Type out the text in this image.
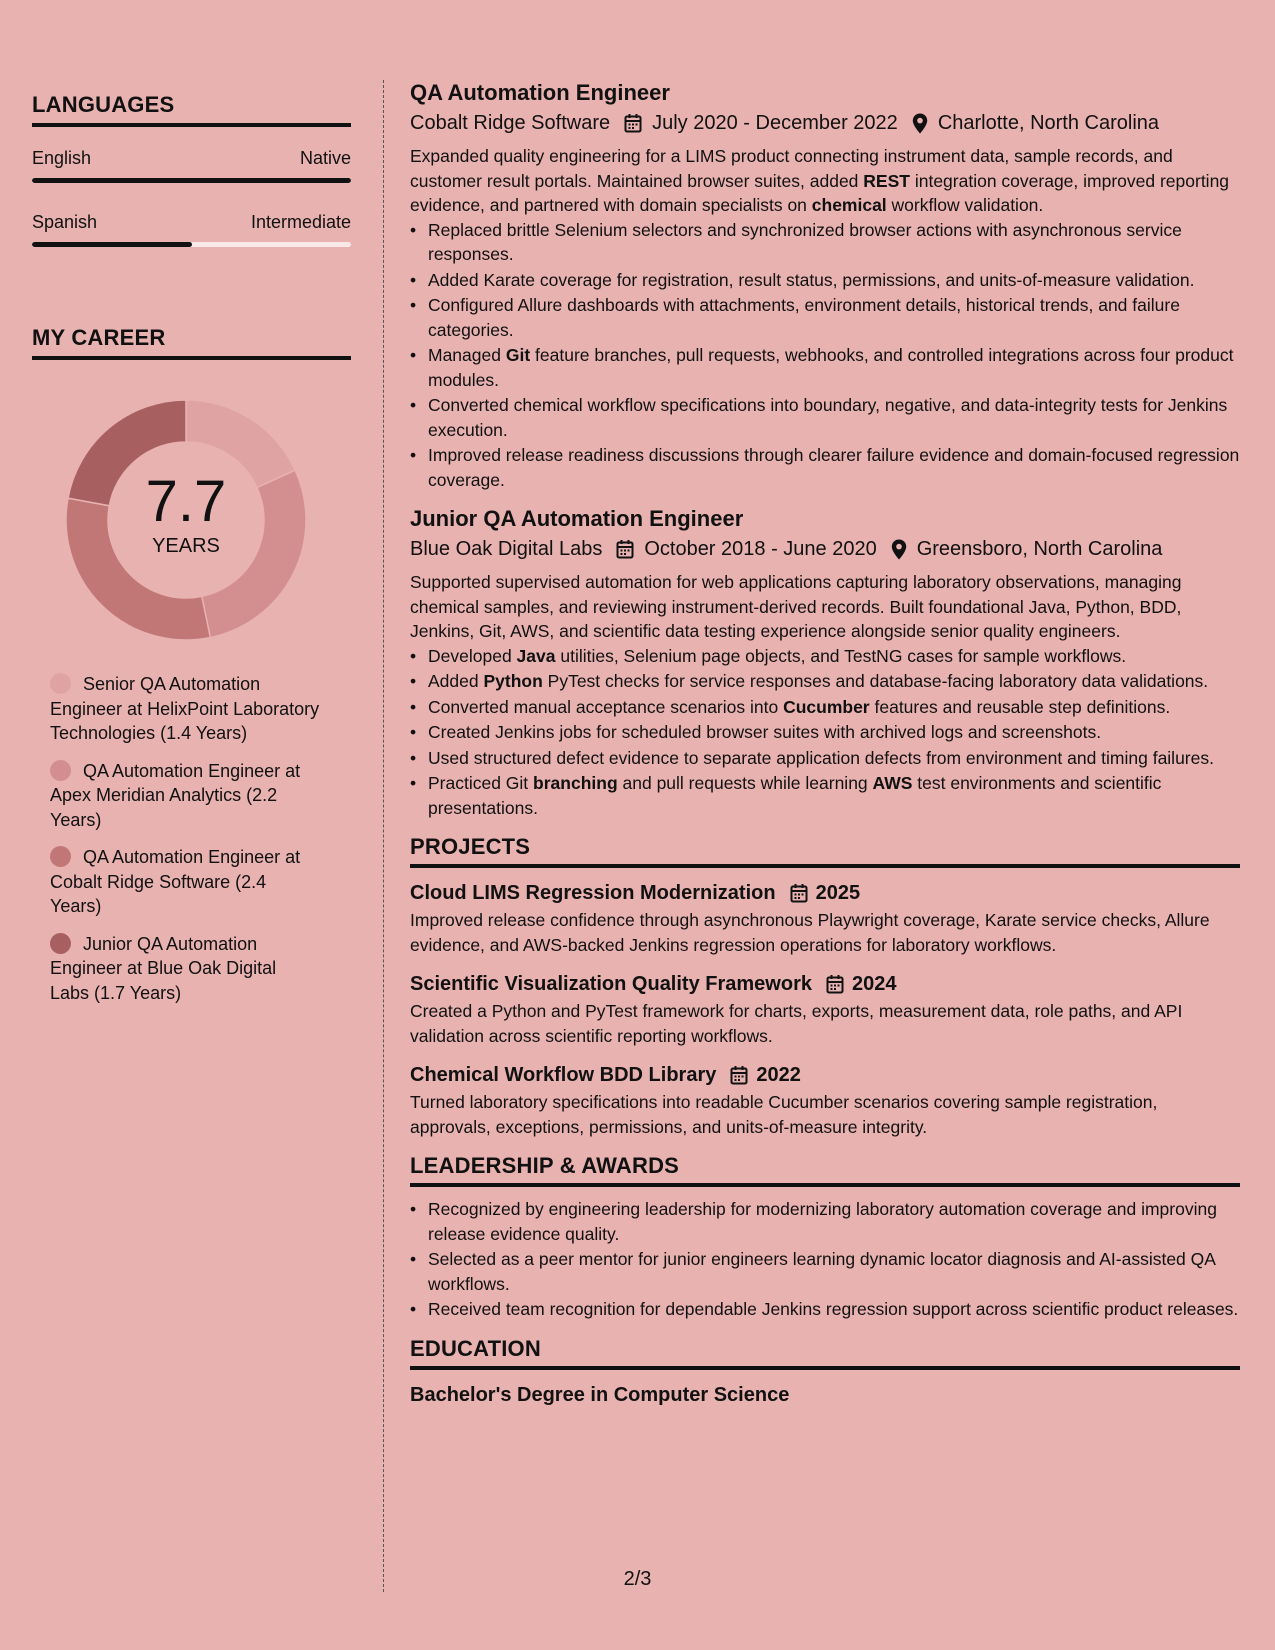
LANGUAGES
English	Native
Spanish	Intermediate
MY CAREER
7.7
YEARS
Senior QA Automation Engineer at HelixPoint Laboratory Technologies (1.4 Years)
QA Automation Engineer at Apex Meridian Analytics (2.2 Years)
QA Automation Engineer at Cobalt Ridge Software (2.4 Years)
Junior QA Automation Engineer at Blue Oak Digital Labs (1.7 Years)
QA Automation Engineer
Cobalt Ridge Software July 2020 - December 2022 Charlotte, North Carolina

Expanded quality engineering for a LIMS product connecting instrument data, sample records, and customer result portals. Maintained browser suites, added REST integration coverage, improved reporting evidence, and partnered with domain specialists on chemical workflow validation.

• Replaced brittle Selenium selectors and synchronized browser actions with asynchronous service responses.
• Added Karate coverage for registration, result status, permissions, and units-of-measure validation.
• Configured Allure dashboards with attachments, environment details, historical trends, and failure categories.
• Managed Git feature branches, pull requests, webhooks, and controlled integrations across four product modules.
• Converted chemical workflow specifications into boundary, negative, and data-integrity tests for Jenkins execution.
• Improved release readiness discussions through clearer failure evidence and domain-focused regression coverage.
Junior QA Automation Engineer
Blue Oak Digital Labs October 2018 - June 2020 Greensboro, North Carolina

Supported supervised automation for web applications capturing laboratory observations, managing chemical samples, and reviewing instrument-derived records. Built foundational Java, Python, BDD, Jenkins, Git, AWS, and scientific data testing experience alongside senior quality engineers.

• Developed Java utilities, Selenium page objects, and TestNG cases for sample workflows.
• Added Python PyTest checks for service responses and database-facing laboratory data validations.
• Converted manual acceptance scenarios into Cucumber features and reusable step definitions.
• Created Jenkins jobs for scheduled browser suites with archived logs and screenshots.
• Used structured defect evidence to separate application defects from environment and timing failures.
• Practiced Git branching and pull requests while learning AWS test environments and scientific presentations.
PROJECTS
Cloud LIMS Regression Modernization 2025

Improved release confidence through asynchronous Playwright coverage, Karate service checks, Allure evidence, and AWS-backed Jenkins regression operations for laboratory workflows.

Scientific Visualization Quality Framework 2024

Created a Python and PyTest framework for charts, exports, measurement data, role paths, and API validation across scientific reporting workflows.

Chemical Workflow BDD Library 2022

Turned laboratory specifications into readable Cucumber scenarios covering sample registration, approvals, exceptions, permissions, and units-of-measure integrity.

LEADERSHIP & AWARDS
• Recognized by engineering leadership for modernizing laboratory automation coverage and improving release evidence quality.
• Selected as a peer mentor for junior engineers learning dynamic locator diagnosis and AI-assisted QA workflows.
• Received team recognition for dependable Jenkins regression support across scientific product releases.
EDUCATION
Bachelor's Degree in Computer Science
2/3
